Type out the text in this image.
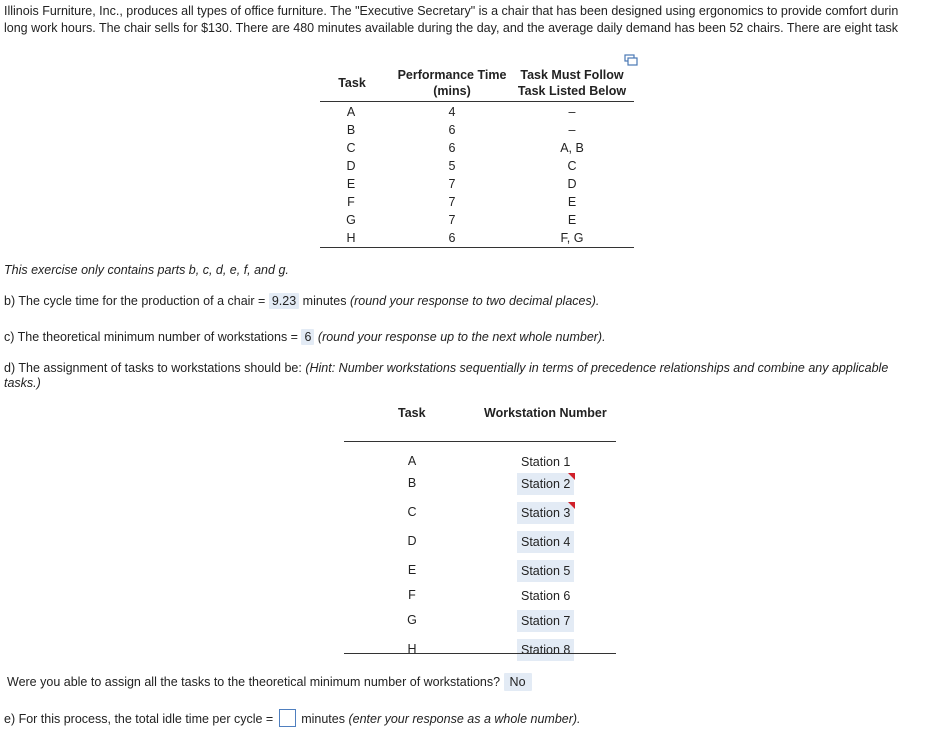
Illinois Furniture, Inc., produces all types of office furniture. The "Executive Secretary" is a chair that has been designed using ergonomics to provide comfort durin
long work hours. The chair sells for $130. There are 480 minutes available during the day, and the average daily demand has been 52 chairs. There are eight task
Task
Performance Time
(mins)
Task Must Follow
Task Listed Below
A	4	–
B	6	–
C	6	A, B
D	5	C
E	7	D
F	7	E
G	7	E
H	6	F, G
This exercise only contains parts b, c, d, e, f, and g.
b) The cycle time for the production of a chair = 9.23 minutes (round your response to two decimal places).
c) The theoretical minimum number of workstations = 6 (round your response up to the next whole number).
d) The assignment of tasks to workstations should be: (Hint: Number workstations sequentially in terms of precedence relationships and combine any applicable
tasks.)
Task	Workstation Number
A	Station 1
B	Station 2
C	Station 3
D	Station 4
E	Station 5
F	Station 6
G	Station 7
H	Station 8
Were you able to assign all the tasks to the theoretical minimum number of workstations? No
e) For this process, the total idle time per cycle = minutes (enter your response as a whole number).
